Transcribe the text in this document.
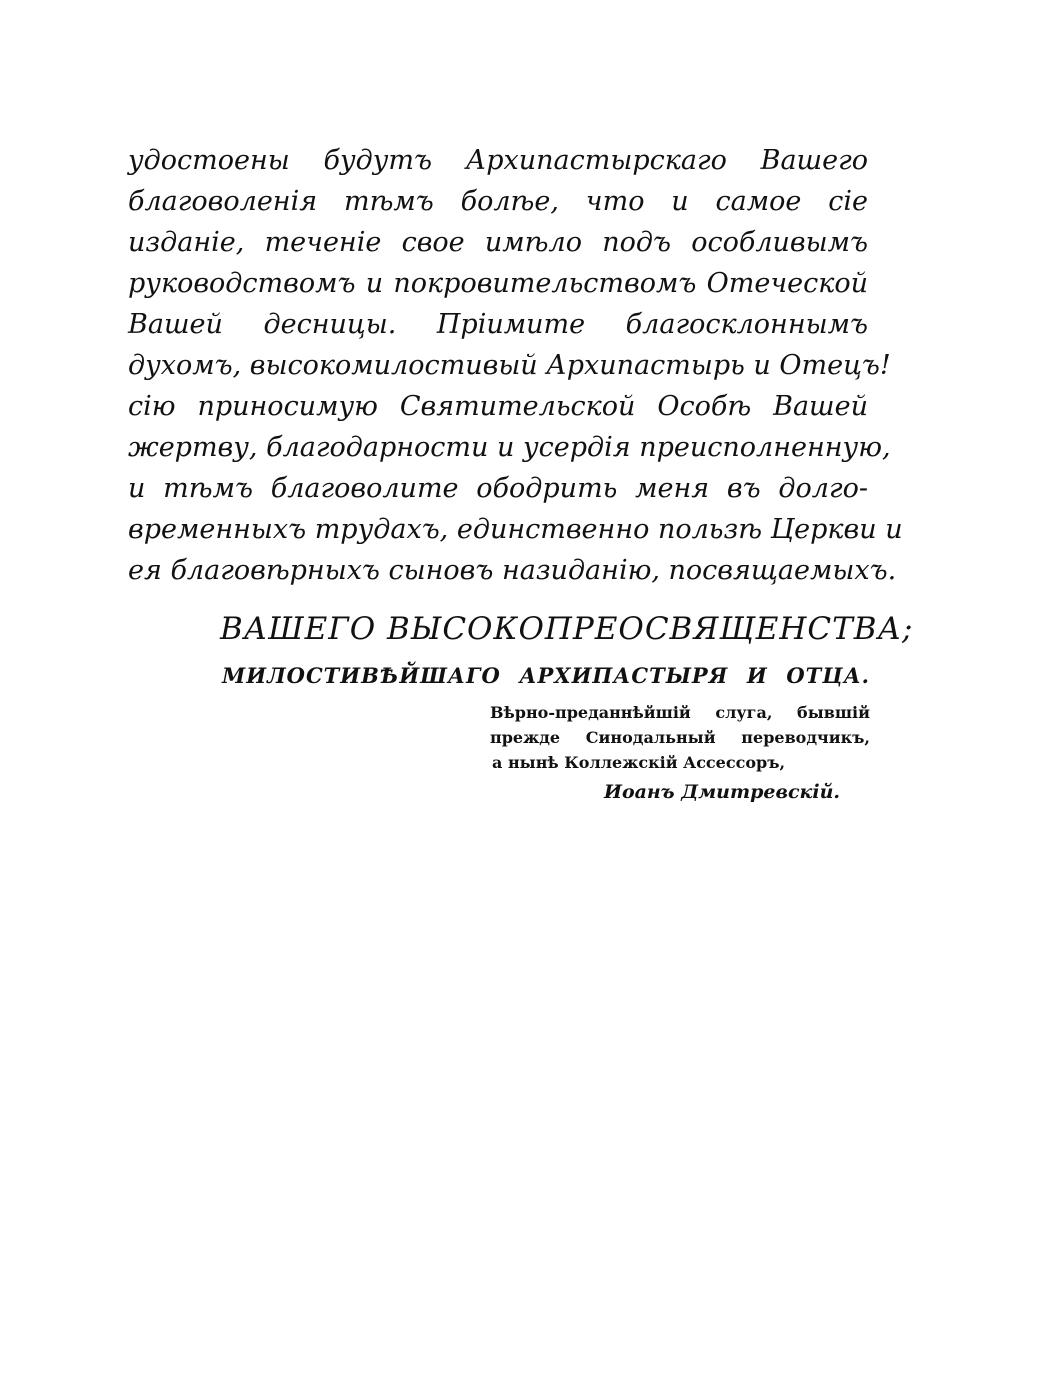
удостоены будутъ Архипастырскаго Вашего
благоволенія тѣмъ болѣе, что и самое сіе
изданіе, теченіе свое имѣло подъ особливымъ
руководствомъ и покровительствомъ Отеческой
Вашей десницы. Пріимите благосклоннымъ
духомъ, высокомилостивый Архипастырь и Отецъ!
сію приносимую Святительской Особѣ Вашей
жертву, благодарности и усердія преисполненную,
и тѣмъ благоволите ободрить меня въ долго-
временныхъ трудахъ, единственно пользѣ Церкви и
ея благовѣрныхъ сыновъ назиданію, посвящаемыхъ.
ВАШЕГО ВЫСОКОПРЕОСВЯЩЕНСТВА;
МИЛОСТИВѢЙШАГО АРХИПАСТЫРЯ И ОТЦА.
Вѣрно-преданнѣйшій слуга, бывшій
прежде Синодальный переводчикъ,
а нынѣ Коллежскій Ассессоръ,
Иоанъ Дмитревскій.
